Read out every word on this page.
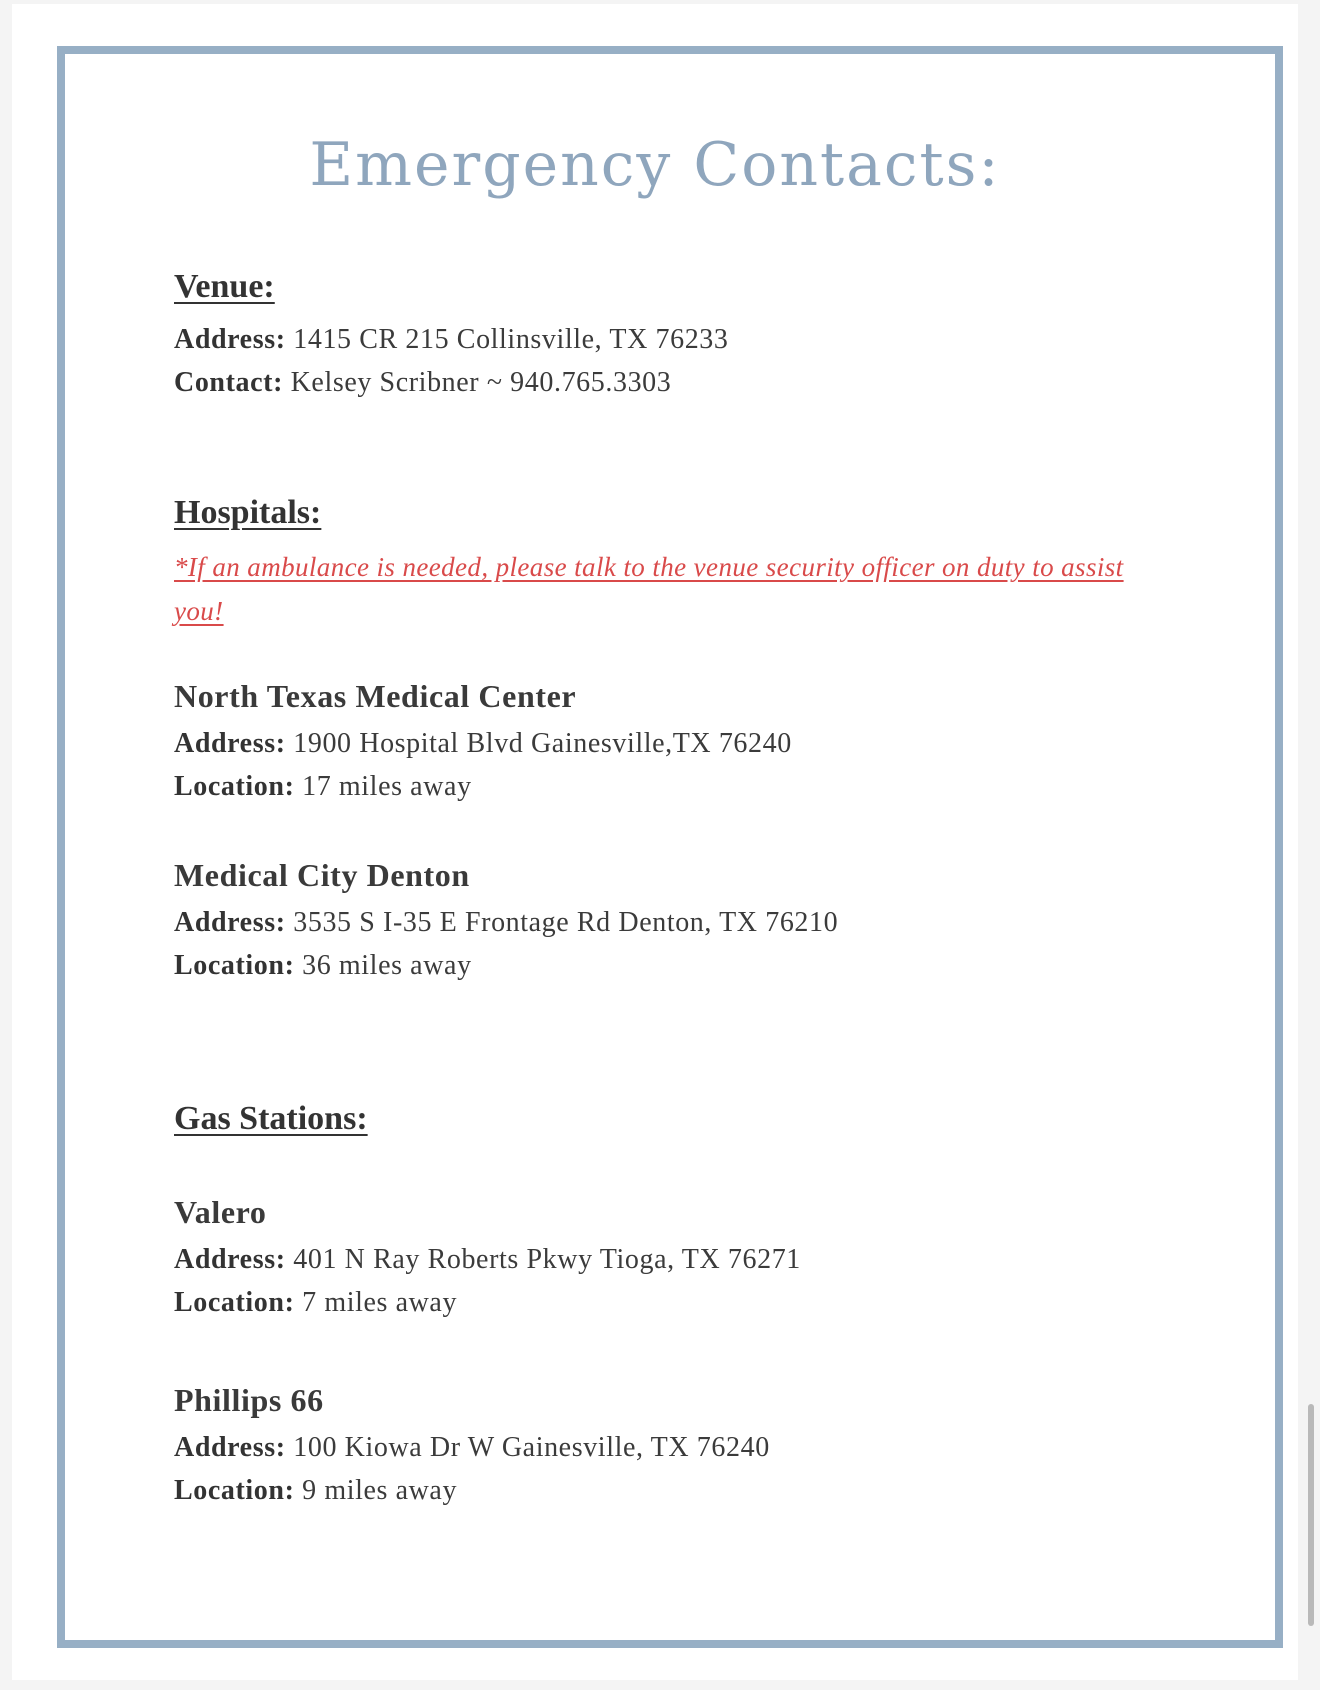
Emergency Contacts:
Venue:
Address: 1415 CR 215 Collinsville, TX 76233
Contact: Kelsey Scribner ~ 940.765.3303
Hospitals:
*If an ambulance is needed, please talk to the venue security officer on duty to assist you!
North Texas Medical Center
Address: 1900 Hospital Blvd Gainesville,TX 76240
Location: 17 miles away
Medical City Denton
Address: 3535 S I-35 E Frontage Rd Denton, TX 76210
Location: 36 miles away
Gas Stations:
Valero
Address: 401 N Ray Roberts Pkwy Tioga, TX 76271
Location: 7 miles away
Phillips 66
Address: 100 Kiowa Dr W Gainesville, TX 76240
Location: 9 miles away
